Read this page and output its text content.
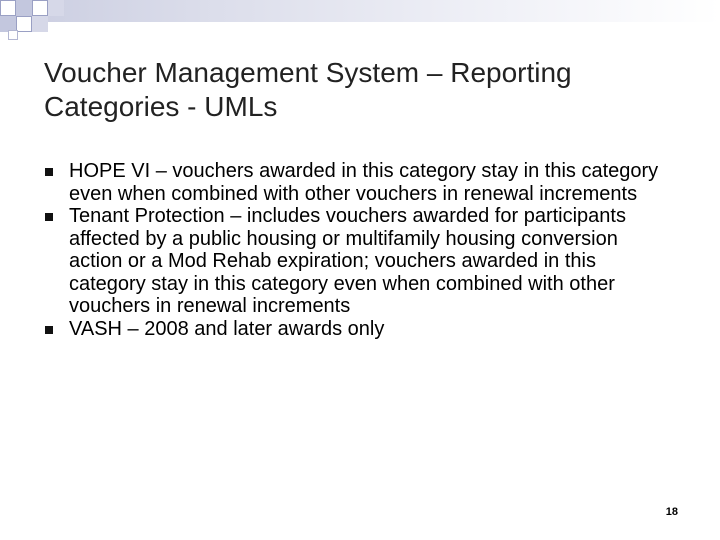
Voucher Management System – Reporting
Categories - UMLs
HOPE VI – vouchers awarded in this category stay in this category even when combined with other vouchers in renewal increments
Tenant Protection – includes vouchers awarded for participants affected by a public housing or multifamily housing conversion action or a Mod Rehab expiration; vouchers awarded in this category stay in this category even when combined with other vouchers in renewal increments
VASH – 2008 and later awards only
18
